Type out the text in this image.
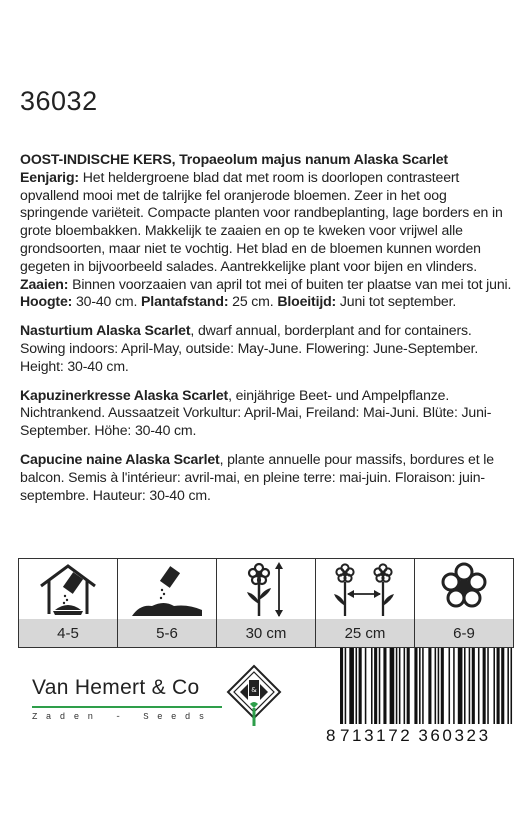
36032

OOST-INDISCHE KERS, Tropaeolum majus nanum Alaska Scarlet
Eenjarig: Het heldergroene blad dat met room is doorlopen contrasteert opvallend mooi met de talrijke fel oranjerode bloemen. Zeer in het oog springende variëteit. Compacte planten voor randbeplanting, lage borders en in grote bloembakken. Makkelijk te zaaien en op te kweken voor vrijwel alle grondsoorten, maar niet te vochtig. Het blad en de bloemen kunnen worden gegeten in bijvoorbeeld salades. Aantrekkelijke plant voor bijen en vlinders. Zaaien: Binnen voorzaaien van april tot mei of buiten ter plaatse van mei tot juni. Hoogte: 30-40 cm. Plantafstand: 25 cm. Bloeitijd: Juni tot september.

Nasturtium Alaska Scarlet, dwarf annual, borderplant and for containers. Sowing indoors: April-May, outside: May-June. Flowering: June-September. Height: 30-40 cm.

Kapuzinerkresse Alaska Scarlet, einjährige Beet- und Ampelpflanze. Nichtrankend. Aussaatzeit Vorkultur: April-Mai, Freiland: Mai-Juni. Blüte: Juni-September. Höhe: 30-40 cm.

Capucine naine Alaska Scarlet, plante annuelle pour massifs, bordures et le balcon. Semis à l'intérieur: avril-mai, en pleine terre: mai-juin. Floraison: juin-septembre. Hauteur: 30-40 cm.

4-5	5-6	30 cm	25 cm	6-9
Van Hemert & Co
Zaden - Seeds
&
8 713172 360323
